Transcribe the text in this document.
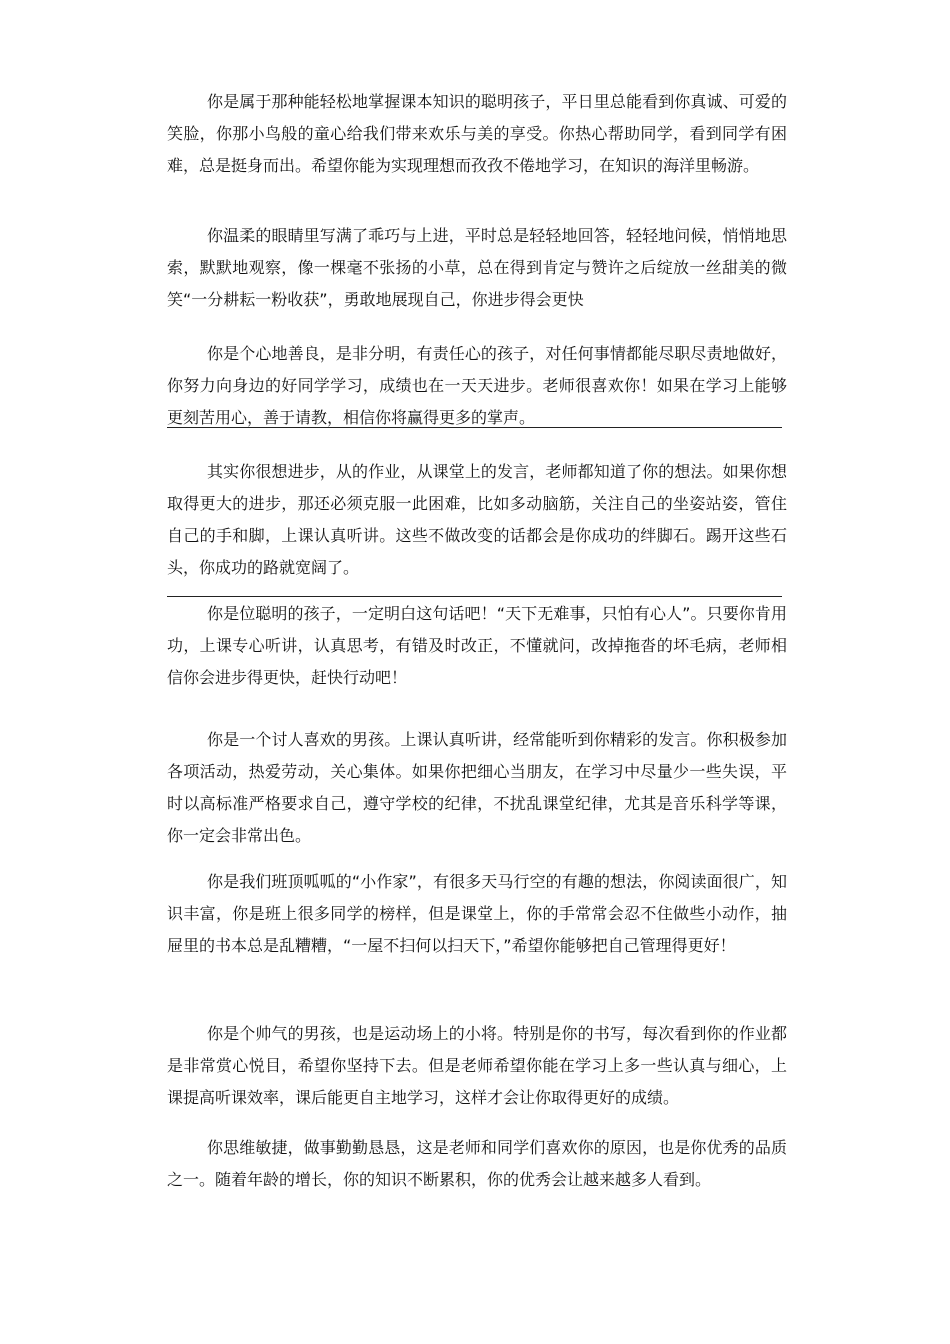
你是属于那种能轻松地掌握课本知识的聪明孩子，平日里总能看到你真诚、可爱的笑脸，你那小鸟般的童心给我们带来欢乐与美的享受。你热心帮助同学，看到同学有困难，总是挺身而出。希望你能为实现理想而孜孜不倦地学习，在知识的海洋里畅游。

你温柔的眼睛里写满了乖巧与上进，平时总是轻轻地回答，轻轻地问候，悄悄地思索，默默地观察，像一棵毫不张扬的小草，总在得到肯定与赞许之后绽放一丝甜美的微笑“一分耕耘一粉收获”，勇敢地展现自己，你进步得会更快

你是个心地善良，是非分明，有责任心的孩子，对任何事情都能尽职尽责地做好，你努力向身边的好同学学习，成绩也在一天天进步。老师很喜欢你！如果在学习上能够更刻苦用心，善于请教，相信你将赢得更多的掌声。

其实你很想进步，从的作业，从课堂上的发言，老师都知道了你的想法。如果你想取得更大的进步，那还必须克服一此困难，比如多动脑筋，关注自己的坐姿站姿，管住自己的手和脚，上课认真听讲。这些不做改变的话都会是你成功的绊脚石。踢开这些石头，你成功的路就宽阔了。

你是位聪明的孩子，一定明白这句话吧！“天下无难事，只怕有心人”。只要你肯用功，上课专心听讲，认真思考，有错及时改正，不懂就问，改掉拖沓的坏毛病，老师相信你会进步得更快，赶快行动吧！

你是一个讨人喜欢的男孩。上课认真听讲，经常能听到你精彩的发言。你积极参加各项活动，热爱劳动，关心集体。如果你把细心当朋友，在学习中尽量少一些失误，平时以高标准严格要求自己，遵守学校的纪律，不扰乱课堂纪律，尤其是音乐科学等课，你一定会非常出色。

你是我们班顶呱呱的“小作家”，有很多天马行空的有趣的想法，你阅读面很广，知识丰富，你是班上很多同学的榜样，但是课堂上，你的手常常会忍不住做些小动作，抽屉里的书本总是乱糟糟，“一屋不扫何以扫天下，”希望你能够把自己管理得更好！

你是个帅气的男孩，也是运动场上的小将。特别是你的书写，每次看到你的作业都是非常赏心悦目，希望你坚持下去。但是老师希望你能在学习上多一些认真与细心，上课提高听课效率，课后能更自主地学习，这样才会让你取得更好的成绩。

你思维敏捷，做事勤勤恳恳，这是老师和同学们喜欢你的原因，也是你优秀的品质之一。随着年龄的增长，你的知识不断累积，你的优秀会让越来越多人看到。
